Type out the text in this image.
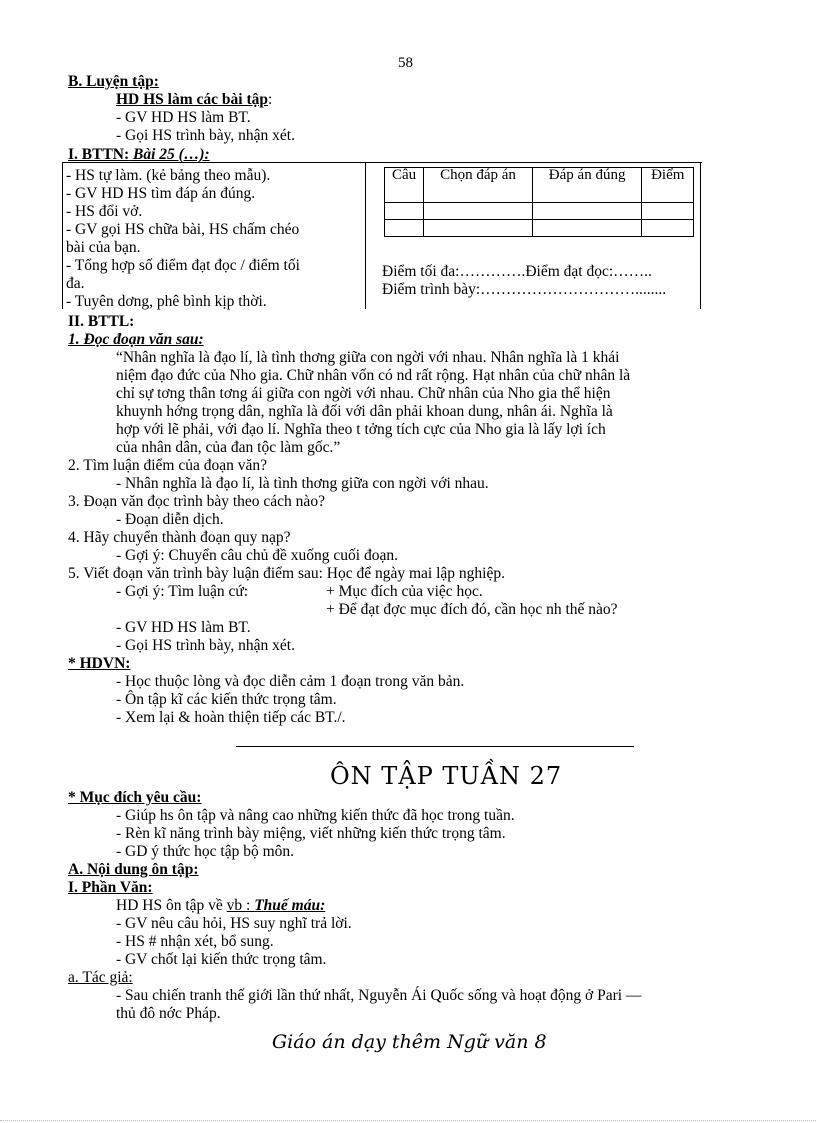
58
B. Luyện tập:
HD HS làm các bài tập:
- GV HD HS làm BT.
- Gọi HS trình bày, nhận xét.
I. BTTN: Bài 25 (…):
- HS tự làm. (kẻ bảng theo mẫu).
- GV HD HS tìm đáp án đúng.
- HS đổi vở.
- GV gọi HS chữa bài, HS chấm chéo
bài của bạn.
- Tổng hợp số điểm đạt đọc / điểm tối
đa.
- Tuyên dơng, phê bình kịp thời.
Câu	Chọn đáp án	Đáp án đúng	Điểm

Điểm tối đa:………….Điểm đạt đọc:……..
Điểm trình bày:…………………………........
II. BTTL:
1. Đọc đoạn văn sau:
“Nhân nghĩa là đạo lí, là tình thơng giữa con ngời với nhau. Nhân nghĩa là 1 khái
niệm đạo đức của Nho gia. Chữ nhân vốn có nd rất rộng. Hạt nhân của chữ nhân là
chỉ sự tơng thân tơng ái giữa con ngời với nhau. Chữ nhân của Nho gia thể hiện
khuynh hớng trọng dân, nghĩa là đối với dân phải khoan dung, nhân ái. Nghĩa là
hợp với lẽ phải, với đạo lí. Nghĩa theo t tởng tích cực của Nho gia là lấy lợi ích
của nhân dân, của đan tộc làm gốc.”
2. Tìm luận điểm của đoạn văn?
- Nhân nghĩa là đạo lí, là tình thơng giữa con ngời với nhau.
3. Đoạn văn đọc trình bày theo cách nào?
- Đoạn diễn dịch.
4. Hãy chuyển thành đoạn quy nạp?
- Gợi ý: Chuyển câu chủ đề xuống cuối đoạn.
5. Viết đoạn văn trình bày luận điểm sau: Học để ngày mai lập nghiệp.
- Gợi ý: Tìm luận cứ:	+ Mục đích của việc học.
+ Để đạt đợc mục đích đó, cần học nh thế nào?
- GV HD HS làm BT.
- Gọi HS trình bày, nhận xét.
* HDVN:
- Học thuộc lòng và đọc diễn cảm 1 đoạn trong văn bản.
- Ôn tập kĩ các kiến thức trọng tâm.
- Xem lại & hoàn thiện tiếp các BT./.
ÔN TẬP TUẦN 27
* Mục đích yêu cầu:
- Giúp hs ôn tập và nâng cao những kiến thức đã học trong tuần.
- Rèn kĩ năng trình bày miệng, viết những kiến thức trọng tâm.
- GD ý thức học tập bộ môn.
A. Nội dung ôn tập:
I. Phần Văn:
HD HS ôn tập về vb : Thuế máu:
- GV nêu câu hỏi, HS suy nghĩ trả lời.
- HS # nhận xét, bổ sung.
- GV chốt lại kiến thức trọng tâm.
a. Tác giả:
- Sau chiến tranh thế giới lần thứ nhất, Nguyễn Ái Quốc sống và hoạt động ở Pari —
thủ đô nớc Pháp.
Giáo án dạy thêm Ngữ văn 8
